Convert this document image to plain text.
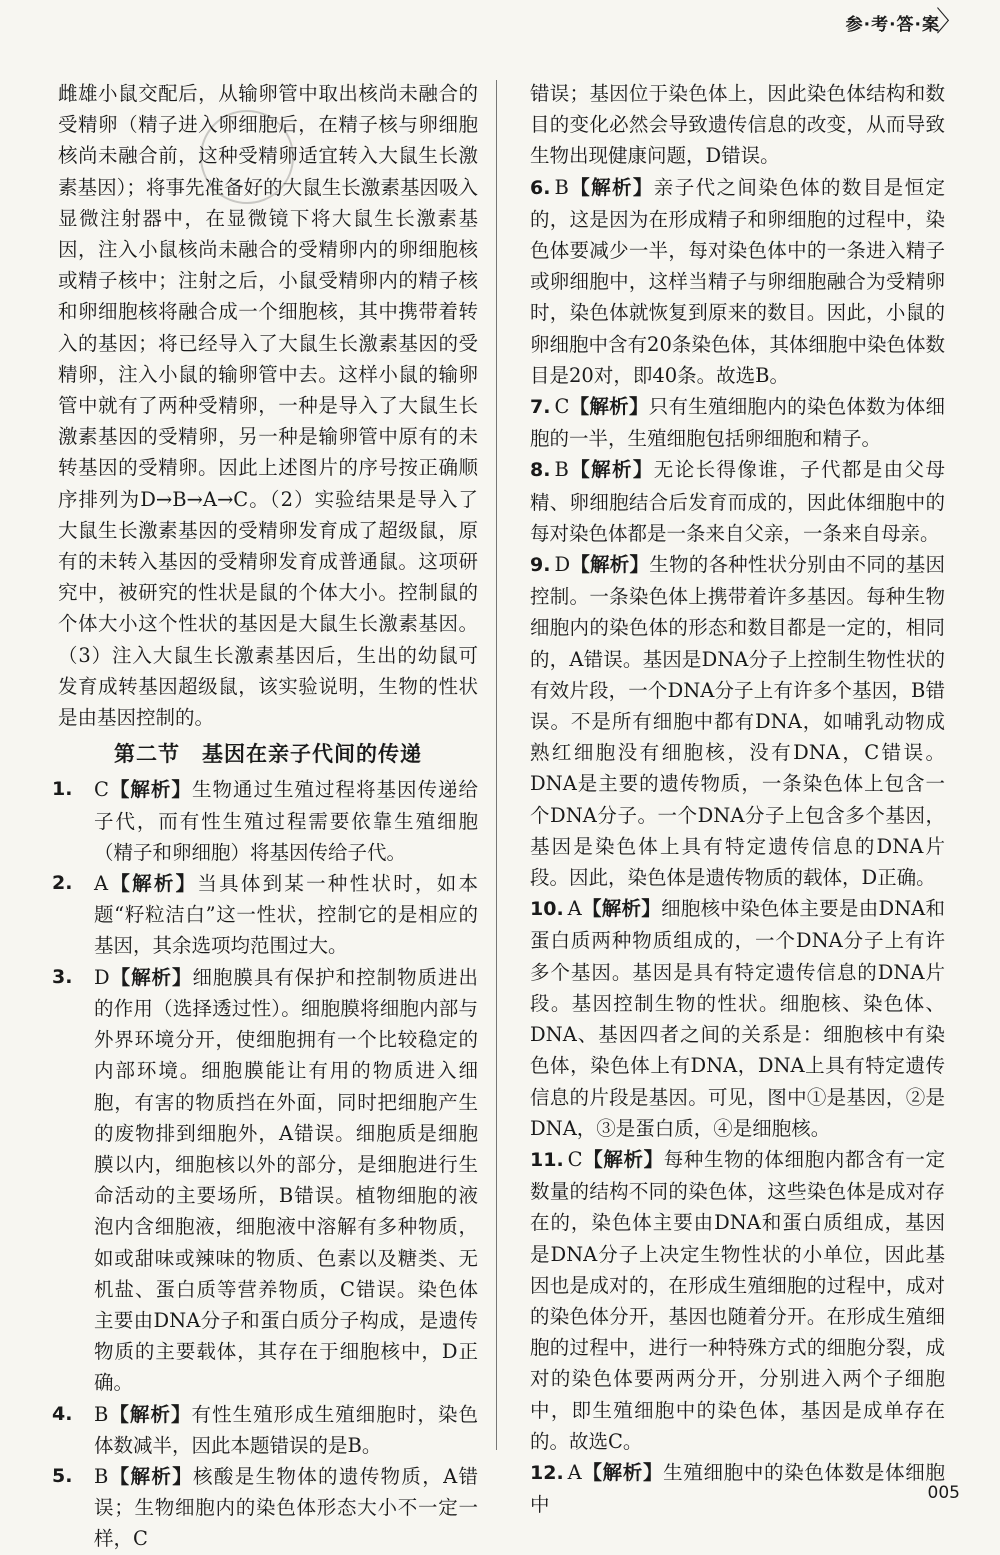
参·考·答·案
〉

雌雄小鼠交配后，从输卵管中取出核尚未融合的受精卵（精子进入卵细胞后，在精子核与卵细胞核尚未融合前，这种受精卵适宜转入大鼠生长激素基因）；将事先准备好的大鼠生长激素基因吸入显微注射器中，在显微镜下将大鼠生长激素基因，注入小鼠核尚未融合的受精卵内的卵细胞核或精子核中；注射之后，小鼠受精卵内的精子核和卵细胞核将融合成一个细胞核，其中携带着转入的基因；将已经导入了大鼠生长激素基因的受精卵，注入小鼠的输卵管中去。这样小鼠的输卵管中就有了两种受精卵，一种是导入了大鼠生长激素基因的受精卵，另一种是输卵管中原有的未转基因的受精卵。因此上述图片的序号按正确顺序排列为D→B→A→C。（2）实验结果是导入了大鼠生长激素基因的受精卵发育成了超级鼠，原有的未转入基因的受精卵发育成普通鼠。这项研究中，被研究的性状是鼠的个体大小。控制鼠的个体大小这个性状的基因是大鼠生长激素基因。（3）注入大鼠生长激素基因后，生出的幼鼠可发育成转基因超级鼠，该实验说明，生物的性状是由基因控制的。

第二节　基因在亲子代间的传递
1. C【解析】生物通过生殖过程将基因传递给子代，而有性生殖过程需要依靠生殖细胞（精子和卵细胞）将基因传给子代。
2. A【解析】当具体到某一种性状时，如本题“籽粒洁白”这一性状，控制它的是相应的基因，其余选项均范围过大。
3. D【解析】细胞膜具有保护和控制物质进出的作用（选择透过性）。细胞膜将细胞内部与外界环境分开，使细胞拥有一个比较稳定的内部环境。细胞膜能让有用的物质进入细胞，有害的物质挡在外面，同时把细胞产生的废物排到细胞外，A错误。细胞质是细胞膜以内，细胞核以外的部分，是细胞进行生命活动的主要场所，B错误。植物细胞的液泡内含细胞液，细胞液中溶解有多种物质，如或甜味或辣味的物质、色素以及糖类、无机盐、蛋白质等营养物质，C错误。染色体主要由DNA分子和蛋白质分子构成，是遗传物质的主要载体，其存在于细胞核中，D正确。
4. B【解析】有性生殖形成生殖细胞时，染色体数减半，因此本题错误的是B。
5. B【解析】核酸是生物体的遗传物质，A错误；生物细胞内的染色体形态大小不一定一样，C

错误；基因位于染色体上，因此染色体结构和数目的变化必然会导致遗传信息的改变，从而导致生物出现健康问题，D错误。

6. B【解析】亲子代之间染色体的数目是恒定的，这是因为在形成精子和卵细胞的过程中，染色体要减少一半，每对染色体中的一条进入精子或卵细胞中，这样当精子与卵细胞融合为受精卵时，染色体就恢复到原来的数目。因此，小鼠的卵细胞中含有20条染色体，其体细胞中染色体数目是20对，即40条。故选B。
7. C【解析】只有生殖细胞内的染色体数为体细胞的一半，生殖细胞包括卵细胞和精子。
8. B【解析】无论长得像谁，子代都是由父母精、卵细胞结合后发育而成的，因此体细胞中的每对染色体都是一条来自父亲，一条来自母亲。
9. D【解析】生物的各种性状分别由不同的基因控制。一条染色体上携带着许多基因。每种生物细胞内的染色体的形态和数目都是一定的，相同的，A错误。基因是DNA分子上控制生物性状的有效片段，一个DNA分子上有许多个基因，B错误。不是所有细胞中都有DNA，如哺乳动物成熟红细胞没有细胞核，没有DNA，C错误。DNA是主要的遗传物质，一条染色体上包含一个DNA分子。一个DNA分子上包含多个基因，基因是染色体上具有特定遗传信息的DNA片段。因此，染色体是遗传物质的载体，D正确。
10. A【解析】细胞核中染色体主要是由DNA和蛋白质两种物质组成的，一个DNA分子上有许多个基因。基因是具有特定遗传信息的DNA片段。基因控制生物的性状。细胞核、染色体、DNA、基因四者之间的关系是：细胞核中有染色体，染色体上有DNA，DNA上具有特定遗传信息的片段是基因。可见，图中①是基因，②是DNA，③是蛋白质，④是细胞核。
11. C【解析】每种生物的体细胞内都含有一定数量的结构不同的染色体，这些染色体是成对存在的，染色体主要由DNA和蛋白质组成，基因是DNA分子上决定生物性状的小单位，因此基因也是成对的，在形成生殖细胞的过程中，成对的染色体分开，基因也随着分开。在形成生殖细胞的过程中，进行一种特殊方式的细胞分裂，成对的染色体要两两分开，分别进入两个子细胞中，即生殖细胞中的染色体，基因是成单存在的。故选C。
12. A【解析】生殖细胞中的染色体数是体细胞中
005
